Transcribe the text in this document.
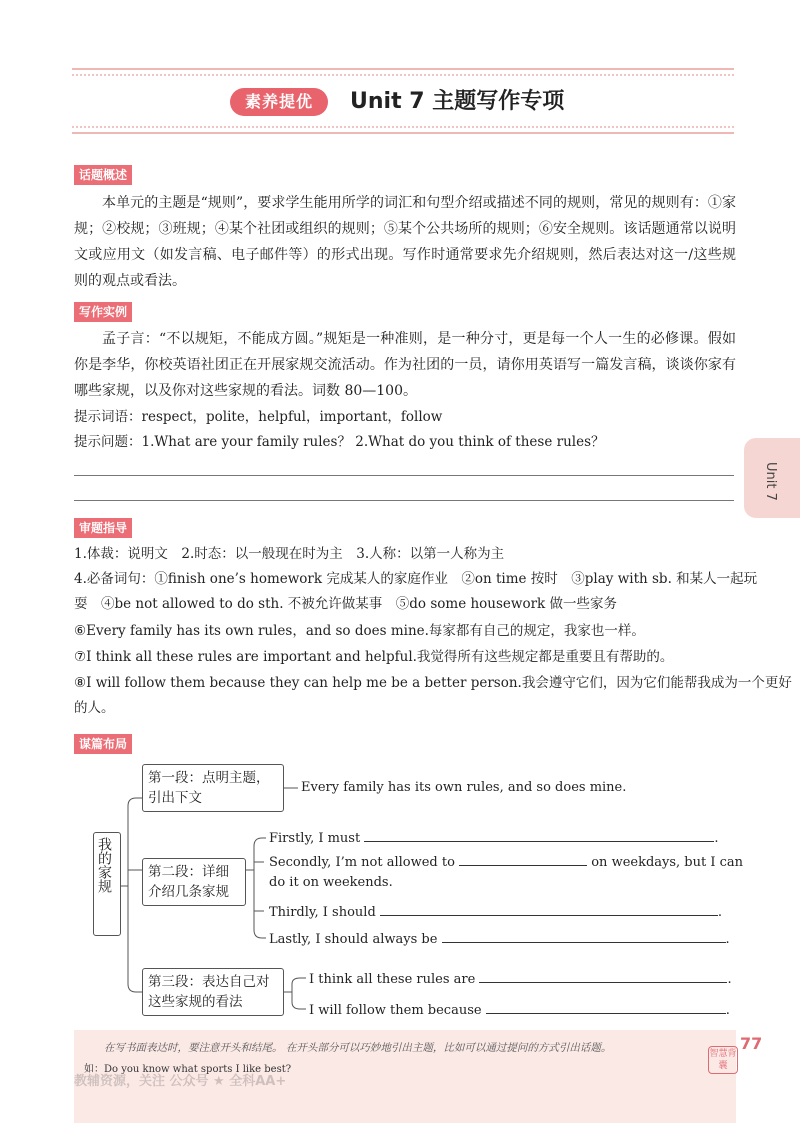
素养提优	Unit 7 主题写作专项
话题概述
本单元的主题是“规则”，要求学生能用所学的词汇和句型介绍或描述不同的规则，常见的规则有：①家规；②校规；③班规；④某个社团或组织的规则；⑤某个公共场所的规则；⑥安全规则。该话题通常以说明文或应用文（如发言稿、电子邮件等）的形式出现。写作时通常要求先介绍规则，然后表达对这一/这些规则的观点或看法。
写作实例
孟子言：“不以规矩，不能成方圆。”规矩是一种准则，是一种分寸，更是每一个人一生的必修课。假如你是李华，你校英语社团正在开展家规交流活动。作为社团的一员，请你用英语写一篇发言稿，谈谈你家有哪些家规，以及你对这些家规的看法。词数 80—100。
提示词语：respect，polite，helpful，important，follow
提示问题：1.What are your family rules？ 2.What do you think of these rules？
Unit 7
审题指导
1.体裁：说明文　2.时态：以一般现在时为主　3.人称：以第一人称为主
4.必备词句：①finish one’s homework 完成某人的家庭作业　②on time 按时　③play with sb. 和某人一起玩
耍　④be not allowed to do sth. 不被允许做某事　⑤do some housework 做一些家务
⑥Every family has its own rules，and so does mine.每家都有自己的规定，我家也一样。
⑦I think all these rules are important and helpful.我觉得所有这些规定都是重要且有帮助的。
⑧I will follow them because they can help me be a better person.我会遵守它们，因为它们能帮我成为一个更好
的人。
谋篇布局
我的家规
第一段：点明主题，引出下文
Every family has its own rules, and so does mine.
第二段：详细介绍几条家规
Firstly, I must	.
Secondly, I’m not allowed to	on weekdays, but I can
do it on weekends.
Thirdly, I should	.
Lastly, I should always be	.
第三段：表达自己对这些家规的看法
I think all these rules are	.
I will follow them because	.
在写书面表达时，要注意开头和结尾。 在开头部分可以巧妙地引出主题，比如可以通过提问的方式引出话题。
如：Do you know what sports I like best?
教辅资源，关注 公众号 ★ 全科AA+
智慧背囊
77
